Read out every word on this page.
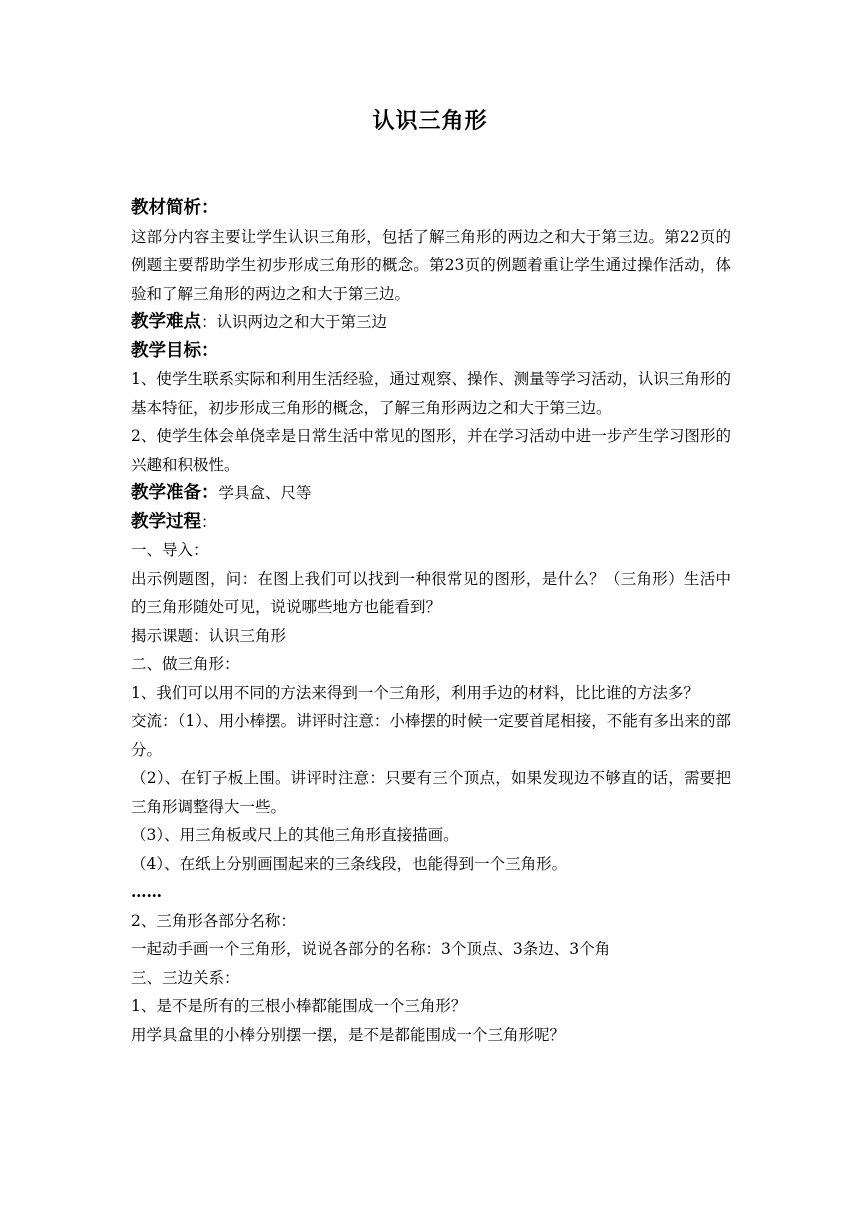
认识三角形
教材简析：

这部分内容主要让学生认识三角形，包括了解三角形的两边之和大于第三边。第22页的例题主要帮助学生初步形成三角形的概念。第23页的例题着重让学生通过操作活动，体验和了解三角形的两边之和大于第三边。

教学难点：认识两边之和大于第三边
教学目标：

1、使学生联系实际和利用生活经验，通过观察、操作、测量等学习活动，认识三角形的基本特征，初步形成三角形的概念，了解三角形两边之和大于第三边。

2、使学生体会单侥幸是日常生活中常见的图形，并在学习活动中进一步产生学习图形的兴趣和积极性。

教学准备：学具盒、尺等
教学过程：

一、导入：

出示例题图，问：在图上我们可以找到一种很常见的图形，是什么？（三角形）生活中的三角形随处可见，说说哪些地方也能看到？

揭示课题：认识三角形

二、做三角形：

1、我们可以用不同的方法来得到一个三角形，利用手边的材料，比比谁的方法多？

交流：（1）、用小棒摆。讲评时注意：小棒摆的时候一定要首尾相接，不能有多出来的部分。

（2）、在钉子板上围。讲评时注意：只要有三个顶点，如果发现边不够直的话，需要把三角形调整得大一些。

（3）、用三角板或尺上的其他三角形直接描画。

（4）、在纸上分别画围起来的三条线段，也能得到一个三角形。

……

2、三角形各部分名称：

一起动手画一个三角形，说说各部分的名称：3个顶点、3条边、3个角

三、三边关系：

1、是不是所有的三根小棒都能围成一个三角形？

用学具盒里的小棒分别摆一摆，是不是都能围成一个三角形呢？
